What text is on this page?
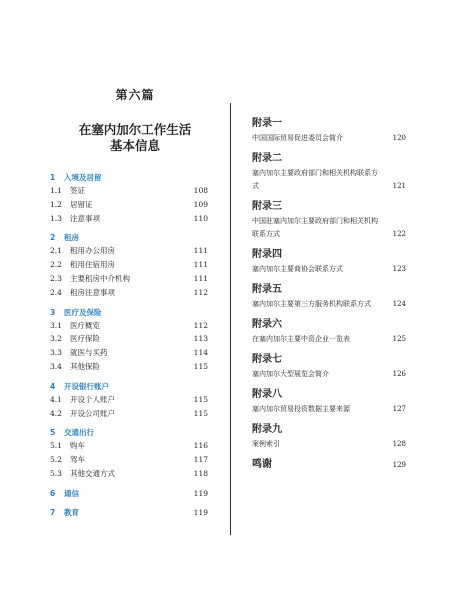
第六篇
在塞内加尔工作生活
基本信息
1 入境及居留
1.1 签证	108
1.2 居留证	109
1.3 注意事项	110
2 租房
2.1 租用办公用房	111
2.2 租用住宿用房	111
2.3 主要租房中介机构	111
2.4 租房注意事项	112
3 医疗及保险
3.1 医疗概览	112
3.2 医疗保险	113
3.3 就医与买药	114
3.4 其他保险	115
4 开设银行账户
4.1 开设个人账户	115
4.2 开设公司账户	115
5 交通出行
5.1 购车	116
5.2 驾车	117
5.3 其他交通方式	118
6 通信	119
7 教育	119
附录一
中国国际贸易促进委员会简介	120
附录二
塞内加尔主要政府部门和相关机构联系方式	121
附录三
中国驻塞内加尔主要政府部门和相关机构联系方式	122
附录四
塞内加尔主要商协会联系方式	123
附录五
塞内加尔主要第三方服务机构联系方式	124
附录六
在塞内加尔主要中资企业一览表	125
附录七
塞内加尔大型展览会简介	126
附录八
塞内加尔贸易投资数据主要来源	127
附录九
案例索引	128
鸣谢	129
